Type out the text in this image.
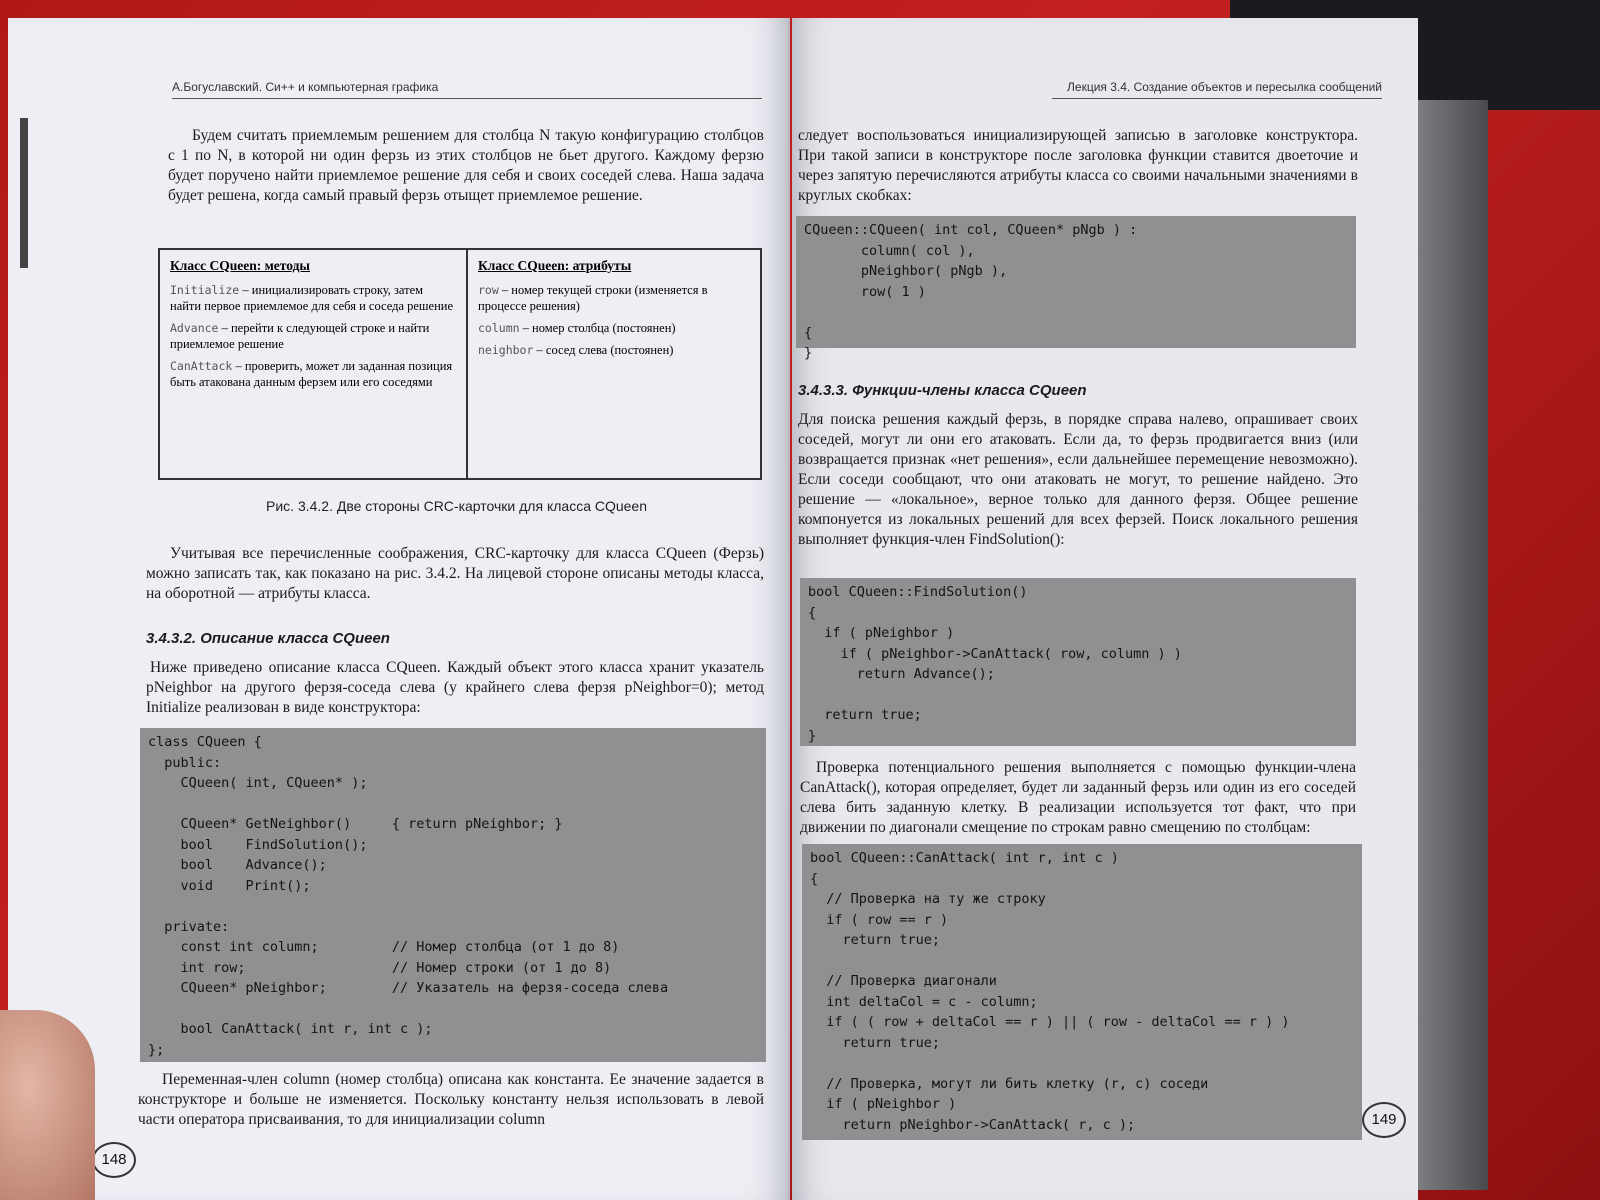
А.Богуславский. Си++ и компьютерная графика

Будем считать приемлемым решением для столбца N такую конфигурацию столбцов с 1 по N, в которой ни один ферзь из этих столбцов не бьет другого. Каждому ферзю будет поручено найти приемлемое решение для себя и своих соседей слева. Наша задача будет решена, когда самый правый ферзь отыщет приемлемое решение.

Класс CQueen: методы
Initialize – инициализировать строку, затем найти первое приемлемое для себя и соседа решение
Advance – перейти к следующей строке и найти приемлемое решение
CanAttack – проверить, может ли заданная позиция быть атакована данным ферзем или его соседями
Класс CQueen: атрибуты
row – номер текущей строки (изменяется в процессе решения)
column – номер столбца (постоянен)
neighbor – сосед слева (постоянен)
Рис. 3.4.2. Две стороны CRC-карточки для класса CQueen

Учитывая все перечисленные соображения, CRC-карточку для класса CQueen (Ферзь) можно записать так, как показано на рис. 3.4.2. На лицевой стороне описаны методы класса, на оборотной — атрибуты класса.

3.4.3.2. Описание класса CQueen

Ниже приведено описание класса CQueen. Каждый объект этого класса хранит указатель pNeighbor на другого ферзя-соседа слева (у крайнего слева ферзя pNeighbor=0); метод Initialize реализован в виде конструктора:

class CQueen {
public:
CQueen( int, CQueen* );

CQueen* GetNeighbor()     { return pNeighbor; }
bool    FindSolution();
bool    Advance();
void    Print();

private:
const int column;         // Номер столбца (от 1 до 8)
int row;                  // Номер строки (от 1 до 8)
CQueen* pNeighbor;        // Указатель на ферзя-соседа слева

bool CanAttack( int r, int c );
};

Переменная-член column (номер столбца) описана как константа. Ее значение задается в конструкторе и больше не изменяется. Поскольку константу нельзя использовать в левой части оператора присваивания, то для инициализации column

148
Лекция 3.4. Создание объектов и пересылка сообщений

следует воспользоваться инициализирующей записью в заголовке конструктора. При такой записи в конструкторе после заголовка функции ставится двоеточие и через запятую перечисляются атрибуты класса со своими начальными значениями в круглых скобках:

CQueen::CQueen( int col, CQueen* pNgb ) :
column( col ),
pNeighbor( pNgb ),
row( 1 )

{
}
3.4.3.3. Функции-члены класса CQueen

Для поиска решения каждый ферзь, в порядке справа налево, опрашивает своих соседей, могут ли они его атаковать. Если да, то ферзь продвигается вниз (или возвращается признак «нет решения», если дальнейшее перемещение невозможно). Если соседи сообщают, что они атаковать не могут, то решение найдено. Это решение — «локальное», верное только для данного ферзя. Общее решение компонуется из локальных решений для всех ферзей. Поиск локального решения выполняет функция-член FindSolution():

bool CQueen::FindSolution()
{
if ( pNeighbor )
if ( pNeighbor->CanAttack( row, column ) )
return Advance();

return true;
}

Проверка потенциального решения выполняется с помощью функции-члена CanAttack(), которая определяет, будет ли заданный ферзь или один из его соседей слева бить заданную клетку. В реализации используется тот факт, что при движении по диагонали смещение по строкам равно смещению по столбцам:

bool CQueen::CanAttack( int r, int c )
{
// Проверка на ту же строку
if ( row == r )
return true;

// Проверка диагонали
int deltaCol = c - column;
if ( ( row + deltaCol == r ) || ( row - deltaCol == r ) )
return true;

// Проверка, могут ли бить клетку (r, c) соседи
if ( pNeighbor )
return pNeighbor->CanAttack( r, c );	149
